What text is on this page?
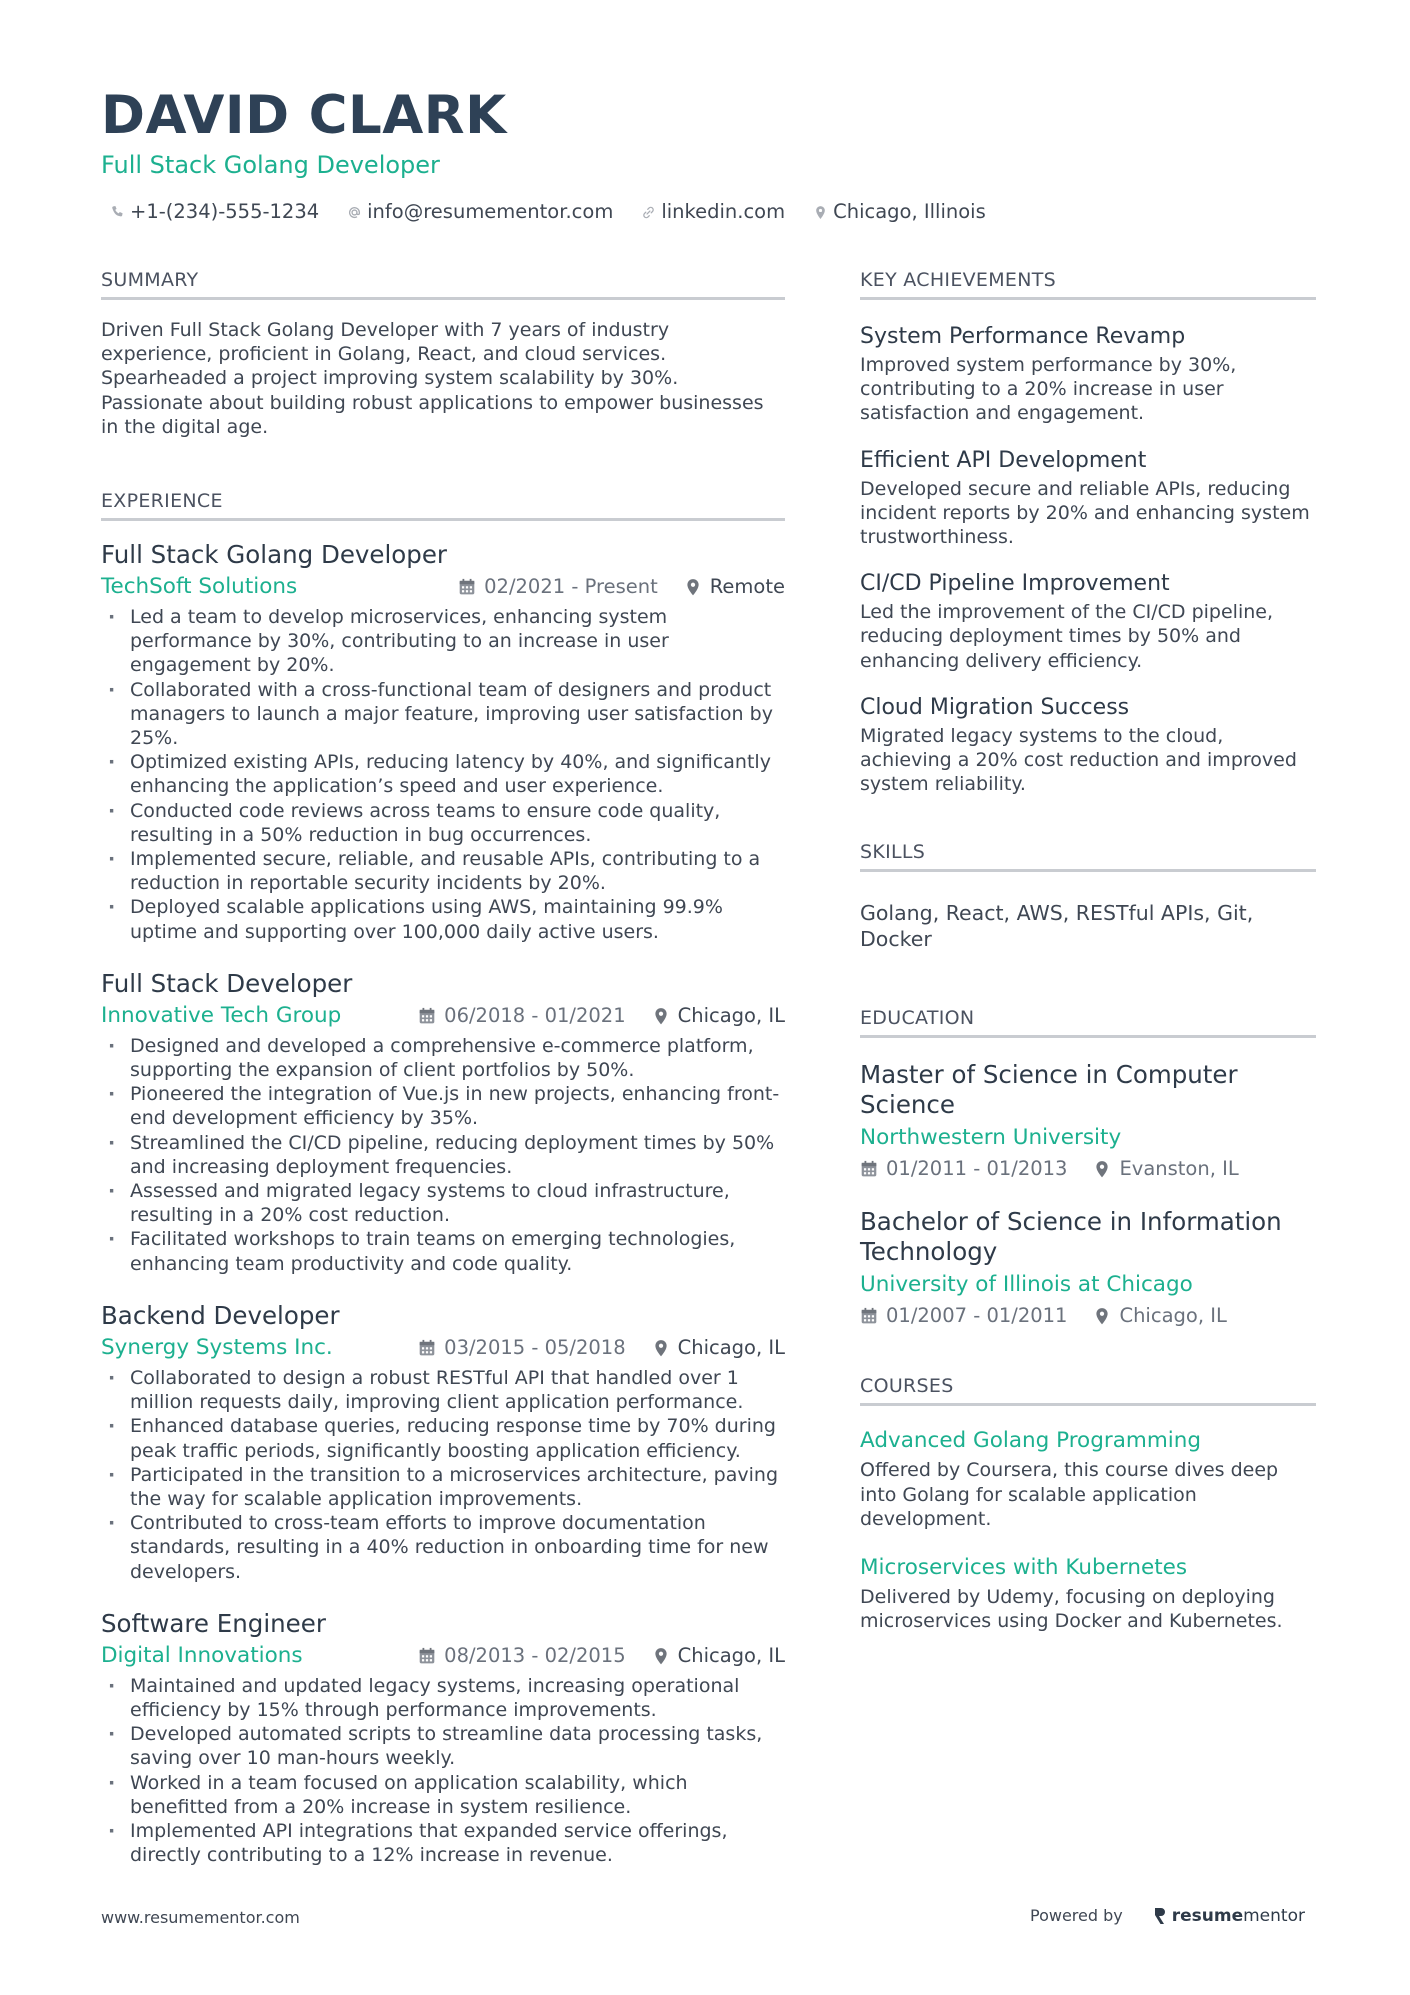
DAVID CLARK
Full Stack Golang Developer
+1-(234)-555-1234 info@resumementor.com linkedin.com Chicago, Illinois
SUMMARY

Driven Full Stack Golang Developer with 7 years of industry experience, proficient in Golang, React, and cloud services. Spearheaded a project improving system scalability by 30%. Passionate about building robust applications to empower businesses in the digital age.

EXPERIENCE
Full Stack Golang Developer
TechSoft Solutions	02/2021 - Present	Remote
· Led a team to develop microservices, enhancing system performance by 30%, contributing to an increase in user engagement by 20%.
· Collaborated with a cross-functional team of designers and product managers to launch a major feature, improving user satisfaction by 25%.
· Optimized existing APIs, reducing latency by 40%, and significantly enhancing the application’s speed and user experience.
· Conducted code reviews across teams to ensure code quality, resulting in a 50% reduction in bug occurrences.
· Implemented secure, reliable, and reusable APIs, contributing to a reduction in reportable security incidents by 20%.
· Deployed scalable applications using AWS, maintaining 99.9% uptime and supporting over 100,000 daily active users.
Full Stack Developer
Innovative Tech Group	06/2018 - 01/2021	Chicago, IL
· Designed and developed a comprehensive e-commerce platform, supporting the expansion of client portfolios by 50%.
· Pioneered the integration of Vue.js in new projects, enhancing front-end development efficiency by 35%.
· Streamlined the CI/CD pipeline, reducing deployment times by 50% and increasing deployment frequencies.
· Assessed and migrated legacy systems to cloud infrastructure, resulting in a 20% cost reduction.
· Facilitated workshops to train teams on emerging technologies, enhancing team productivity and code quality.
Backend Developer
Synergy Systems Inc.	03/2015 - 05/2018	Chicago, IL
· Collaborated to design a robust RESTful API that handled over 1 million requests daily, improving client application performance.
· Enhanced database queries, reducing response time by 70% during peak traffic periods, significantly boosting application efficiency.
· Participated in the transition to a microservices architecture, paving the way for scalable application improvements.
· Contributed to cross-team efforts to improve documentation standards, resulting in a 40% reduction in onboarding time for new developers.
Software Engineer
Digital Innovations	08/2013 - 02/2015	Chicago, IL
· Maintained and updated legacy systems, increasing operational efficiency by 15% through performance improvements.
· Developed automated scripts to streamline data processing tasks, saving over 10 man-hours weekly.
· Worked in a team focused on application scalability, which benefitted from a 20% increase in system resilience.
· Implemented API integrations that expanded service offerings, directly contributing to a 12% increase in revenue.
KEY ACHIEVEMENTS
System Performance Revamp
Improved system performance by 30%, contributing to a 20% increase in user satisfaction and engagement.
Efficient API Development
Developed secure and reliable APIs, reducing incident reports by 20% and enhancing system trustworthiness.
CI/CD Pipeline Improvement
Led the improvement of the CI/CD pipeline, reducing deployment times by 50% and enhancing delivery efficiency.
Cloud Migration Success
Migrated legacy systems to the cloud, achieving a 20% cost reduction and improved system reliability.
SKILLS
Golang, React, AWS, RESTful APIs, Git, Docker
EDUCATION
Master of Science in Computer Science
Northwestern University
01/2011 - 01/2013	Evanston, IL
Bachelor of Science in Information Technology
University of Illinois at Chicago
01/2007 - 01/2011	Chicago, IL
COURSES
Advanced Golang Programming
Offered by Coursera, this course dives deep into Golang for scalable application development.
Microservices with Kubernetes
Delivered by Udemy, focusing on deploying microservices using Docker and Kubernetes.
www.resumementor.com	Powered by	resume mentor
